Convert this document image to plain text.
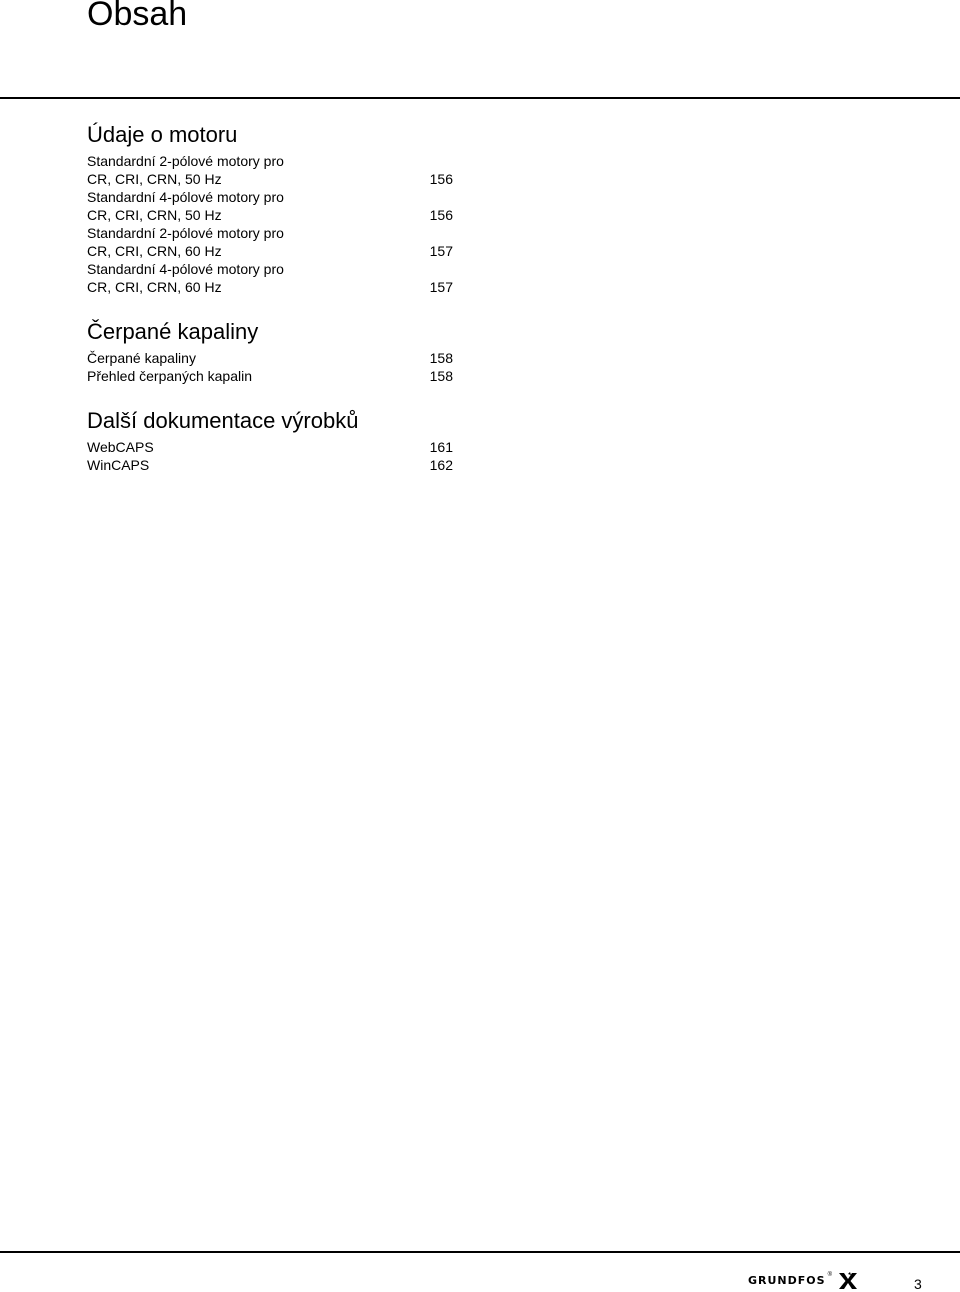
Obsah
Údaje o motoru
Standardní 2-pólové motory pro
CR, CRI, CRN, 50 Hz	156
Standardní 4-pólové motory pro
CR, CRI, CRN, 50 Hz	156
Standardní 2-pólové motory pro
CR, CRI, CRN, 60 Hz	157
Standardní 4-pólové motory pro
CR, CRI, CRN, 60 Hz	157
Čerpané kapaliny
Čerpané kapaliny	158
Přehled čerpaných kapalin	158
Další dokumentace výrobků
WebCAPS	161
WinCAPS	162
GRUNDFOS ®
3
